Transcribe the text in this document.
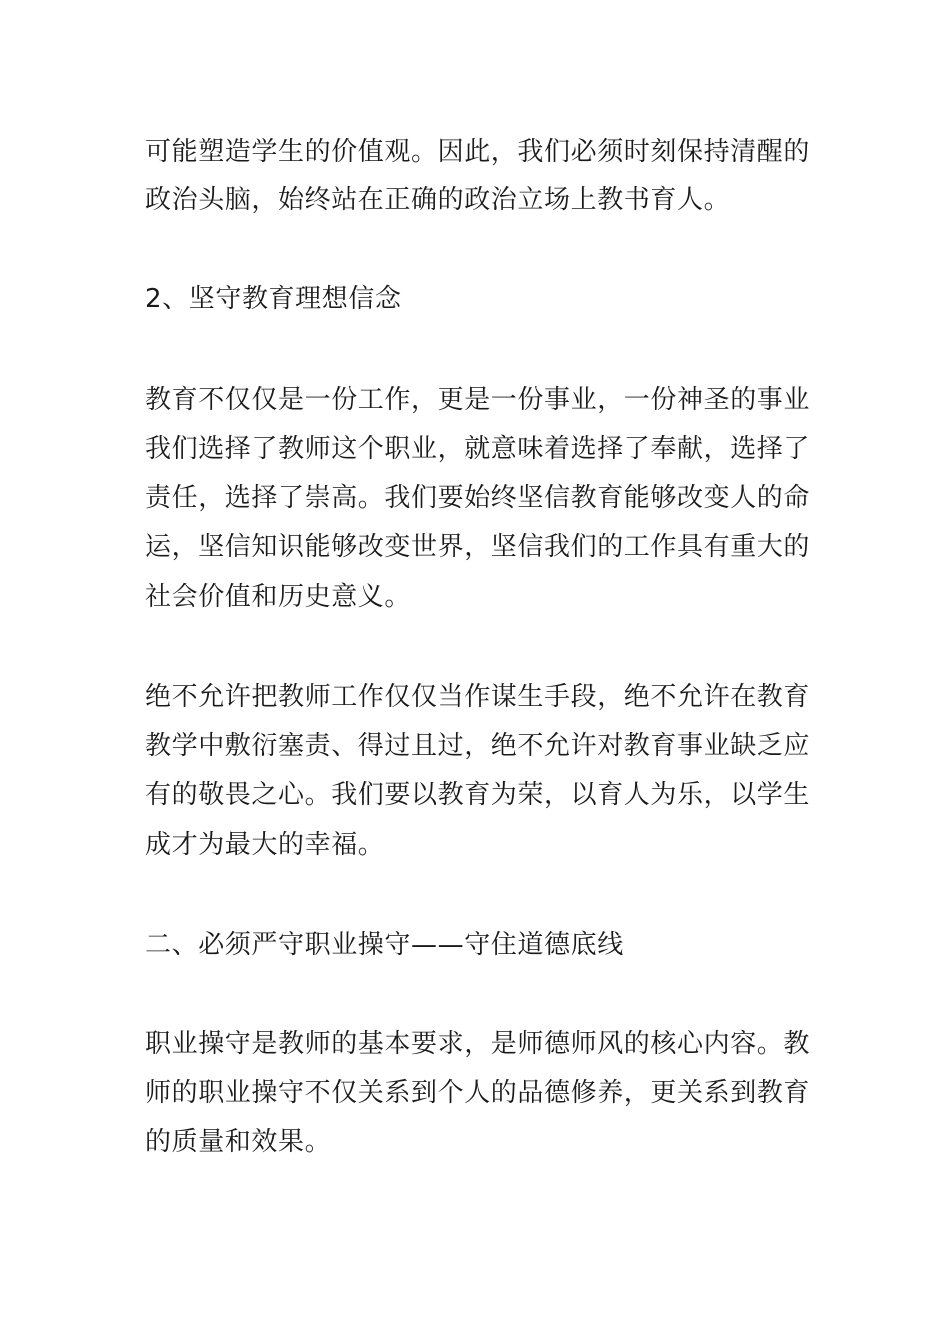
可能塑造学生的价值观。因此，我们必须时刻保持清醒的
政治头脑，始终站在正确的政治立场上教书育人。
2、坚守教育理想信念
教育不仅仅是一份工作，更是一份事业，一份神圣的事业
我们选择了教师这个职业，就意味着选择了奉献，选择了
责任，选择了崇高。我们要始终坚信教育能够改变人的命
运，坚信知识能够改变世界，坚信我们的工作具有重大的
社会价值和历史意义。
绝不允许把教师工作仅仅当作谋生手段，绝不允许在教育
教学中敷衍塞责、得过且过，绝不允许对教育事业缺乏应
有的敬畏之心。我们要以教育为荣，以育人为乐，以学生
成才为最大的幸福。
二、必须严守职业操守——守住道德底线
职业操守是教师的基本要求，是师德师风的核心内容。教
师的职业操守不仅关系到个人的品德修养，更关系到教育
的质量和效果。
